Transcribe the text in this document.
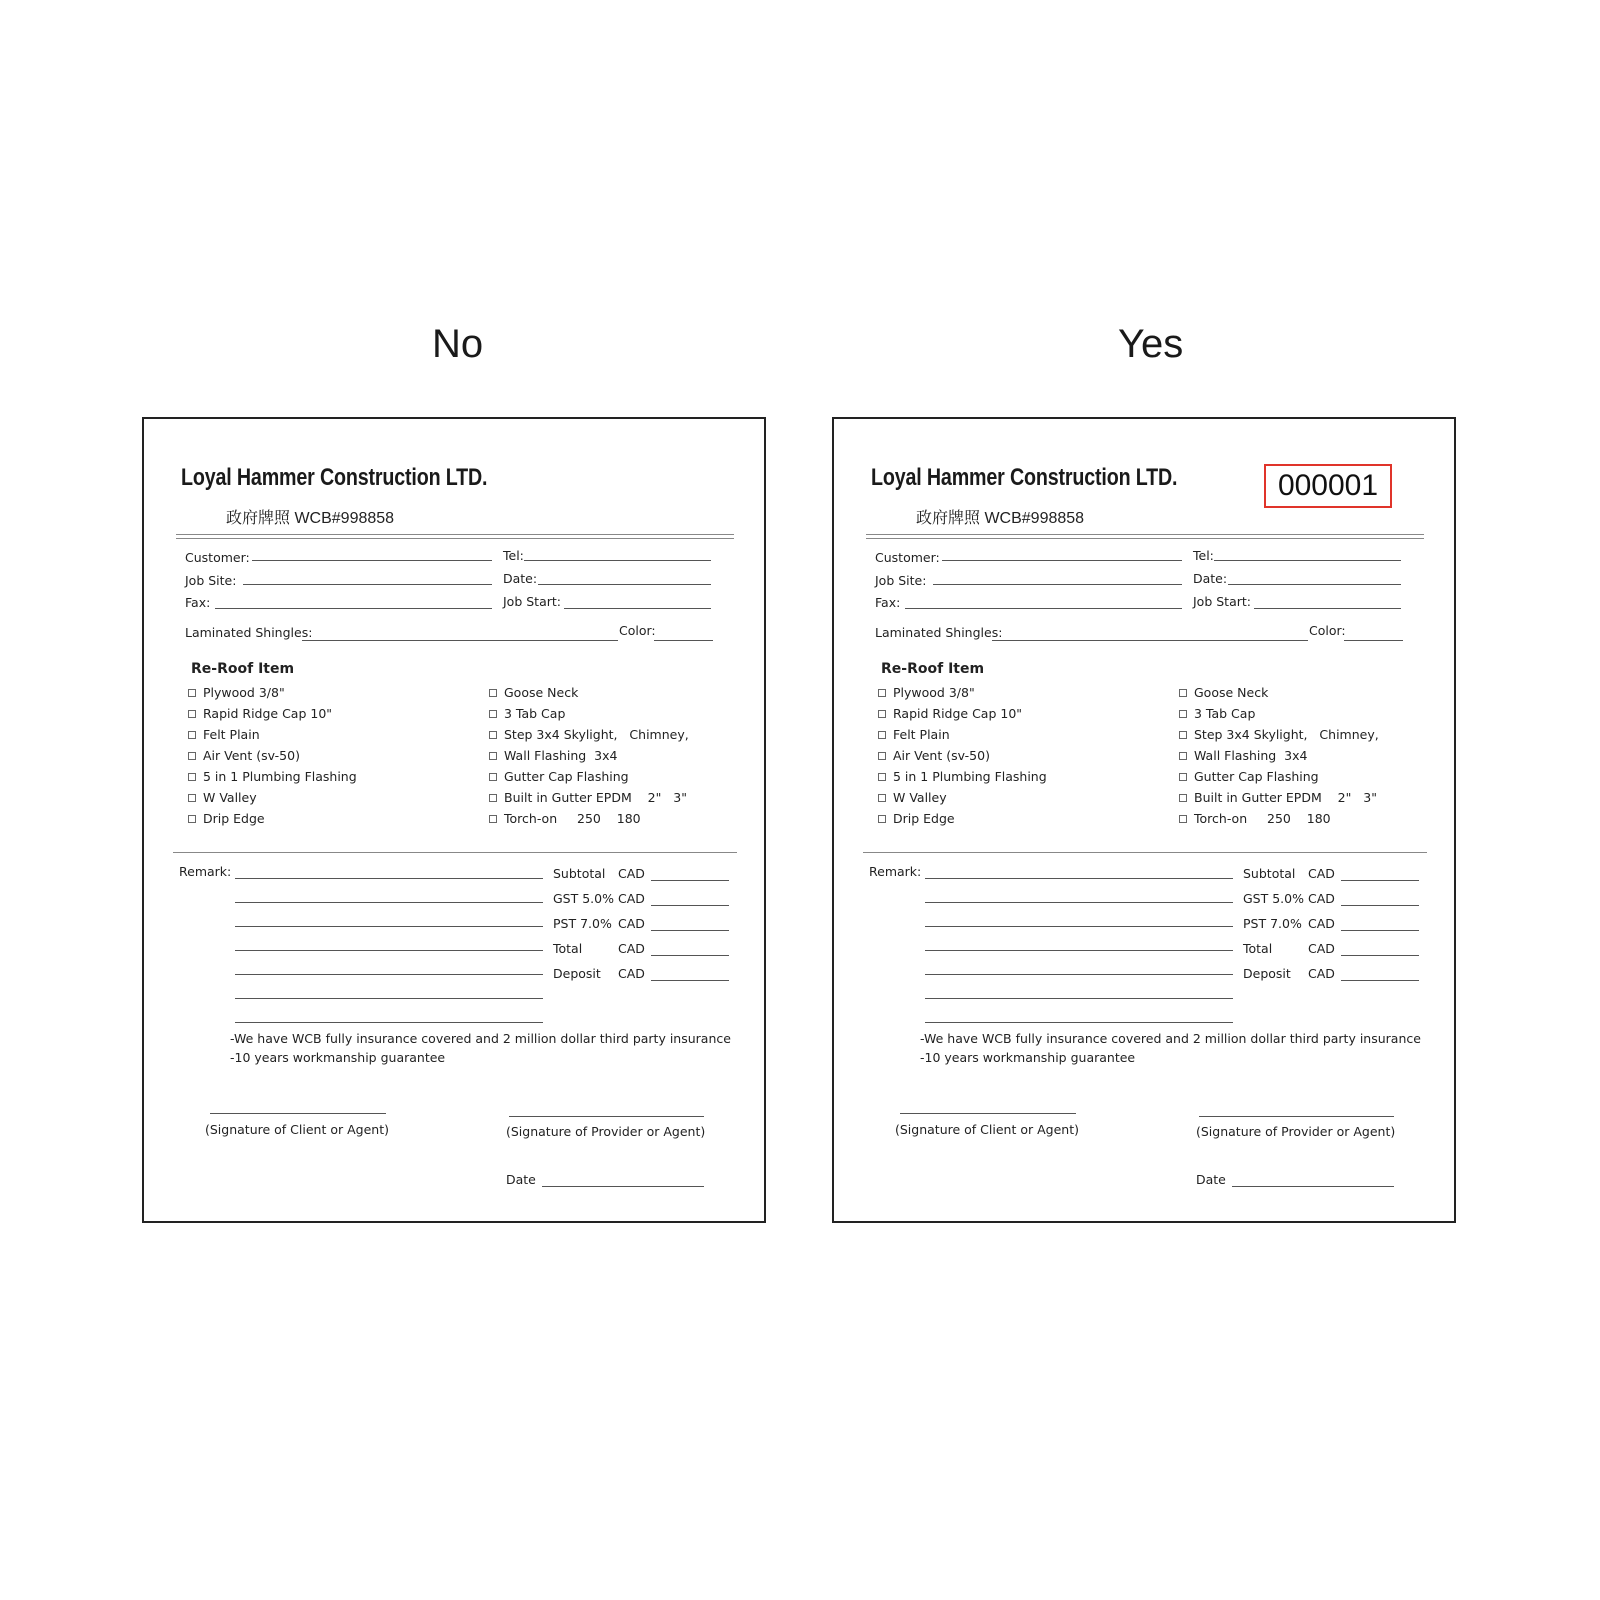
No	Yes
Loyal Hammer Construction LTD.
政府牌照 WCB#998858
Customer:	Tel:
Job Site:	Date:
Fax:	Job Start:
Laminated Shingles:	Color:
Re-Roof Item
Plywood 3/8"
Rapid Ridge Cap 10"
Felt Plain
Air Vent (sv-50)
5 in 1 Plumbing Flashing
W Valley
Drip Edge
Goose Neck
3 Tab Cap
Step 3x4 Skylight,   Chimney,
Wall Flashing  3x4
Gutter Cap Flashing
Built in Gutter EPDM    2"   3"
Torch-on     250    180
Remark:	Subtotal CAD
GST 5.0% CAD
PST 7.0% CAD
Total	CAD
Deposit CAD
-We have WCB fully insurance covered and 2 million dollar third party insurance
-10 years workmanship guarantee
(Signature of Client or Agent)	(Signature of Provider or Agent)
Date
000001
Loyal Hammer Construction LTD.
政府牌照 WCB#998858
Customer:	Tel:
Job Site:	Date:
Fax:	Job Start:
Laminated Shingles:	Color:
Re-Roof Item
Plywood 3/8"
Rapid Ridge Cap 10"
Felt Plain
Air Vent (sv-50)
5 in 1 Plumbing Flashing
W Valley
Drip Edge
Goose Neck
3 Tab Cap
Step 3x4 Skylight,   Chimney,
Wall Flashing  3x4
Gutter Cap Flashing
Built in Gutter EPDM    2"   3"
Torch-on     250    180
Remark:	Subtotal CAD
GST 5.0% CAD
PST 7.0% CAD
Total	CAD
Deposit CAD
-We have WCB fully insurance covered and 2 million dollar third party insurance
-10 years workmanship guarantee
(Signature of Client or Agent)	(Signature of Provider or Agent)
Date
